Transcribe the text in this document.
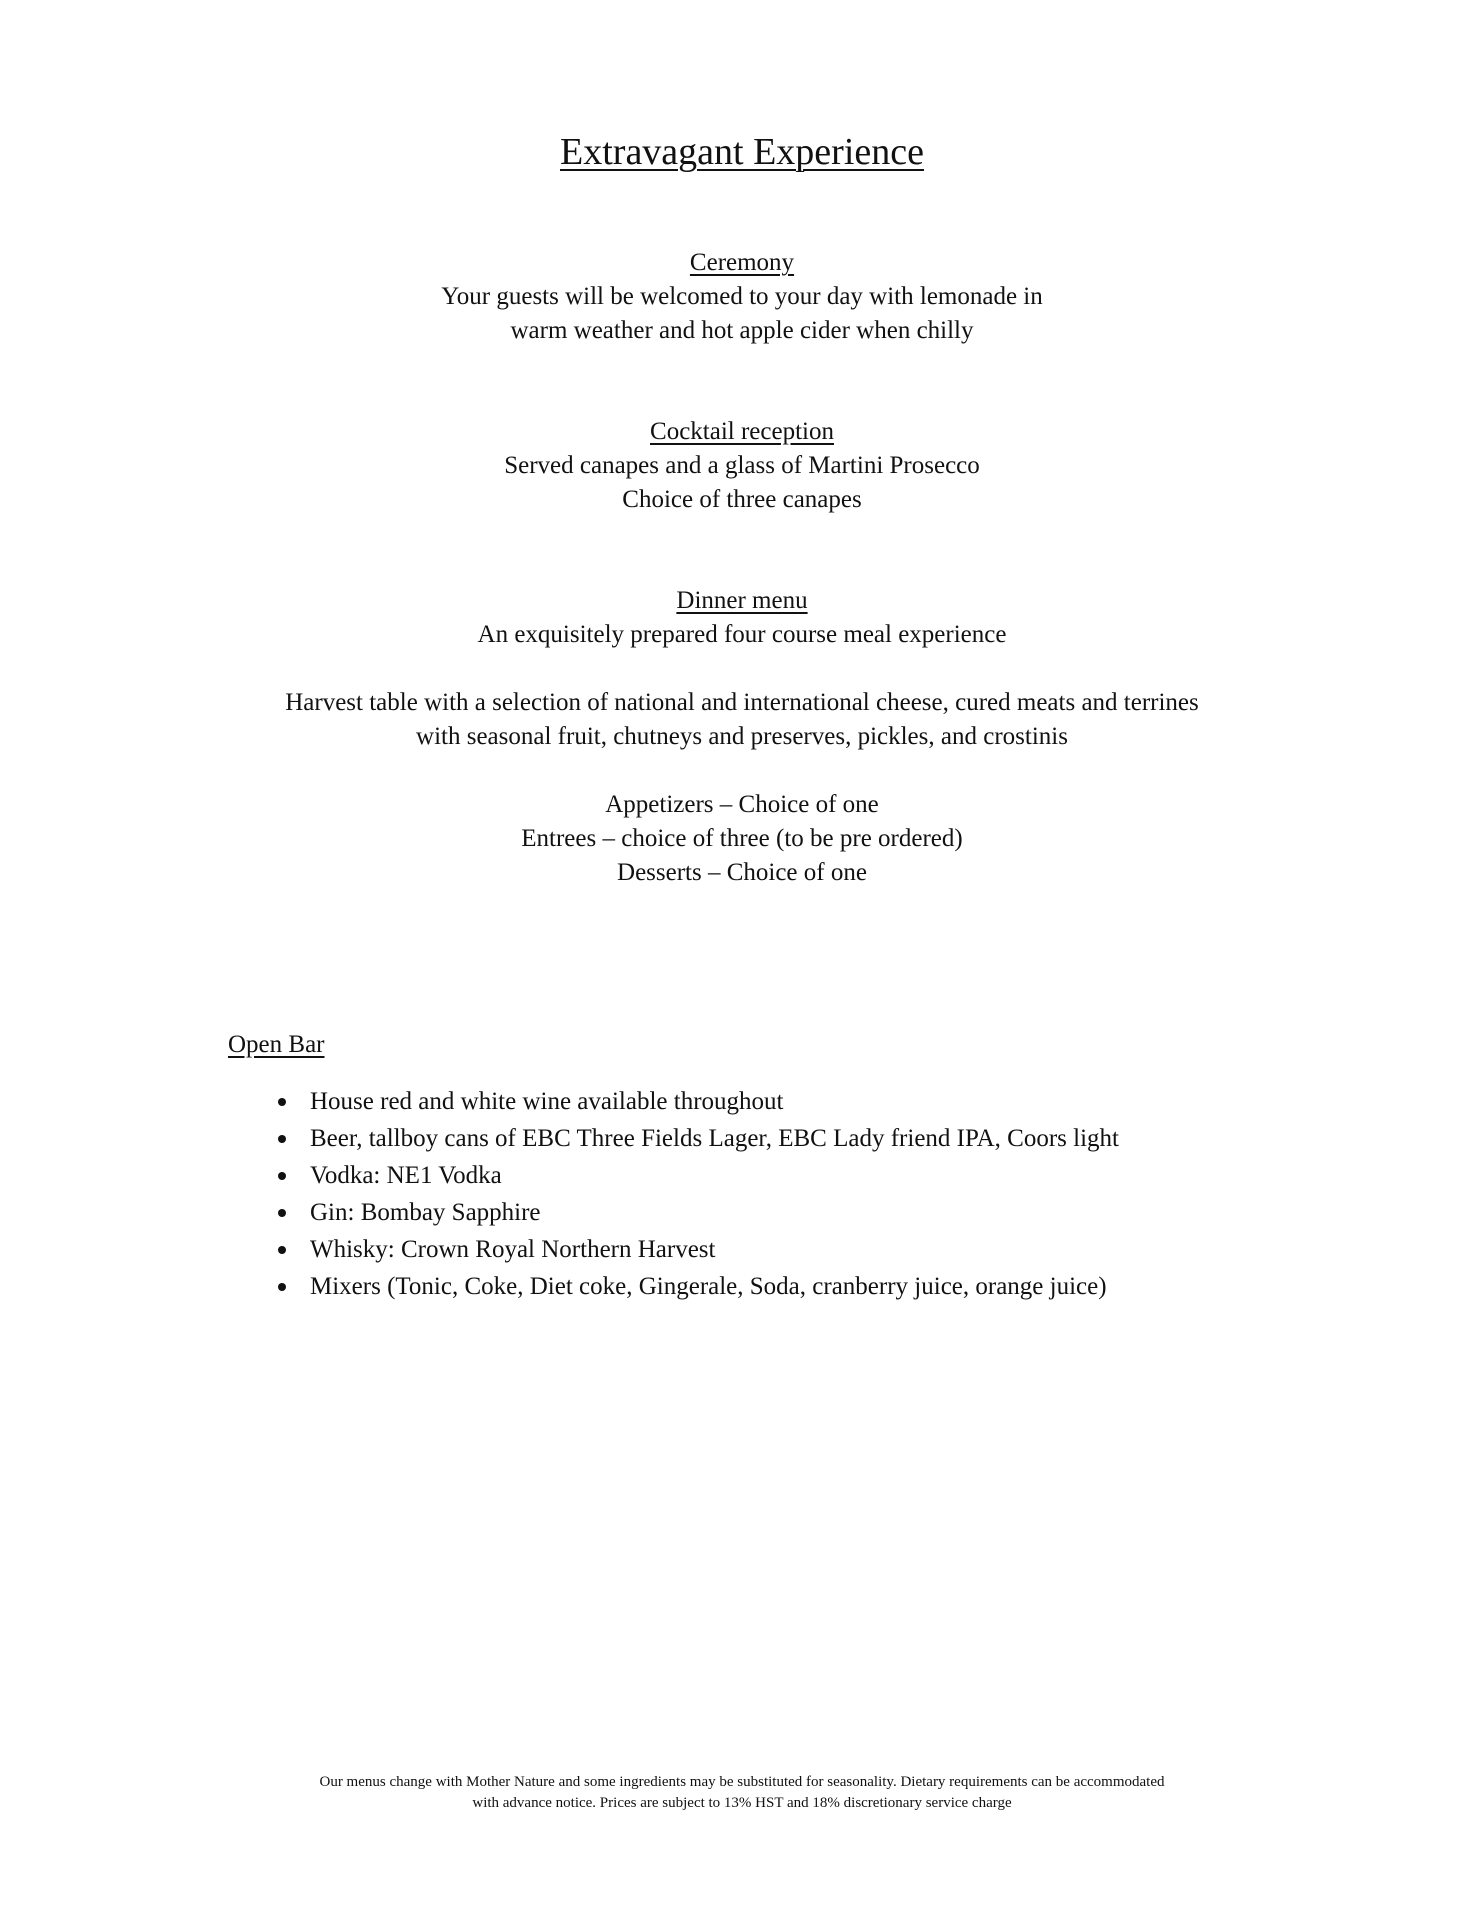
Extravagant Experience
Ceremony
Your guests will be welcomed to your day with lemonade in
warm weather and hot apple cider when chilly
Cocktail reception
Served canapes and a glass of Martini Prosecco
Choice of three canapes
Dinner menu
An exquisitely prepared four course meal experience
Harvest table with a selection of national and international cheese, cured meats and terrines
with seasonal fruit, chutneys and preserves, pickles, and crostinis
Appetizers – Choice of one
Entrees – choice of three (to be pre ordered)
Desserts – Choice of one
Open Bar
House red and white wine available throughout
Beer, tallboy cans of EBC Three Fields Lager, EBC Lady friend IPA, Coors light
Vodka: NE1 Vodka
Gin: Bombay Sapphire
Whisky: Crown Royal Northern Harvest
Mixers (Tonic, Coke, Diet coke, Gingerale, Soda, cranberry juice, orange juice)
Our menus change with Mother Nature and some ingredients may be substituted for seasonality. Dietary requirements can be accommodated
with advance notice. Prices are subject to 13% HST and 18% discretionary service charge
